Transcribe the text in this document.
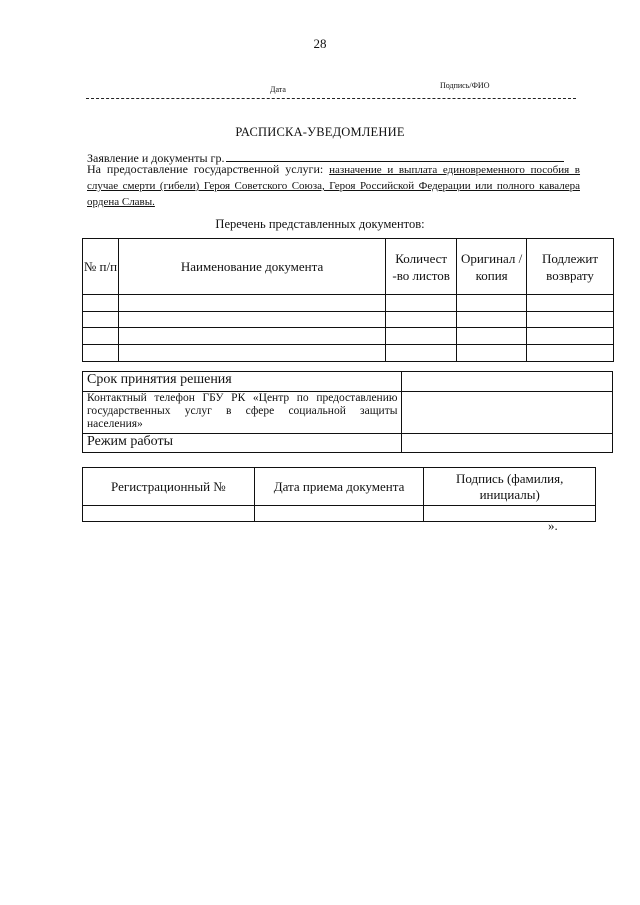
28
Дата	Подпись/ФИО
РАСПИСКА-УВЕДОМЛЕНИЕ
Заявление и документы гр.
На предоставление государственной услуги: назначение и выплата единовременного пособия в случае смерти (гибели) Героя Советского Союза, Героя Российской Федерации или полного кавалера ордена Славы.
Перечень представленных документов:
№ п/п	Наименование документа	Количест -во листов	Оригинал /копия	Подлежит возврату

Срок принятия решения	
Контактный телефон ГБУ РК «Центр по предоставлению государственных услуг в сфере социальной защиты населения»	
Режим работы	
Регистрационный №	Дата приема документа	Подпись (фамилия, инициалы)

».
